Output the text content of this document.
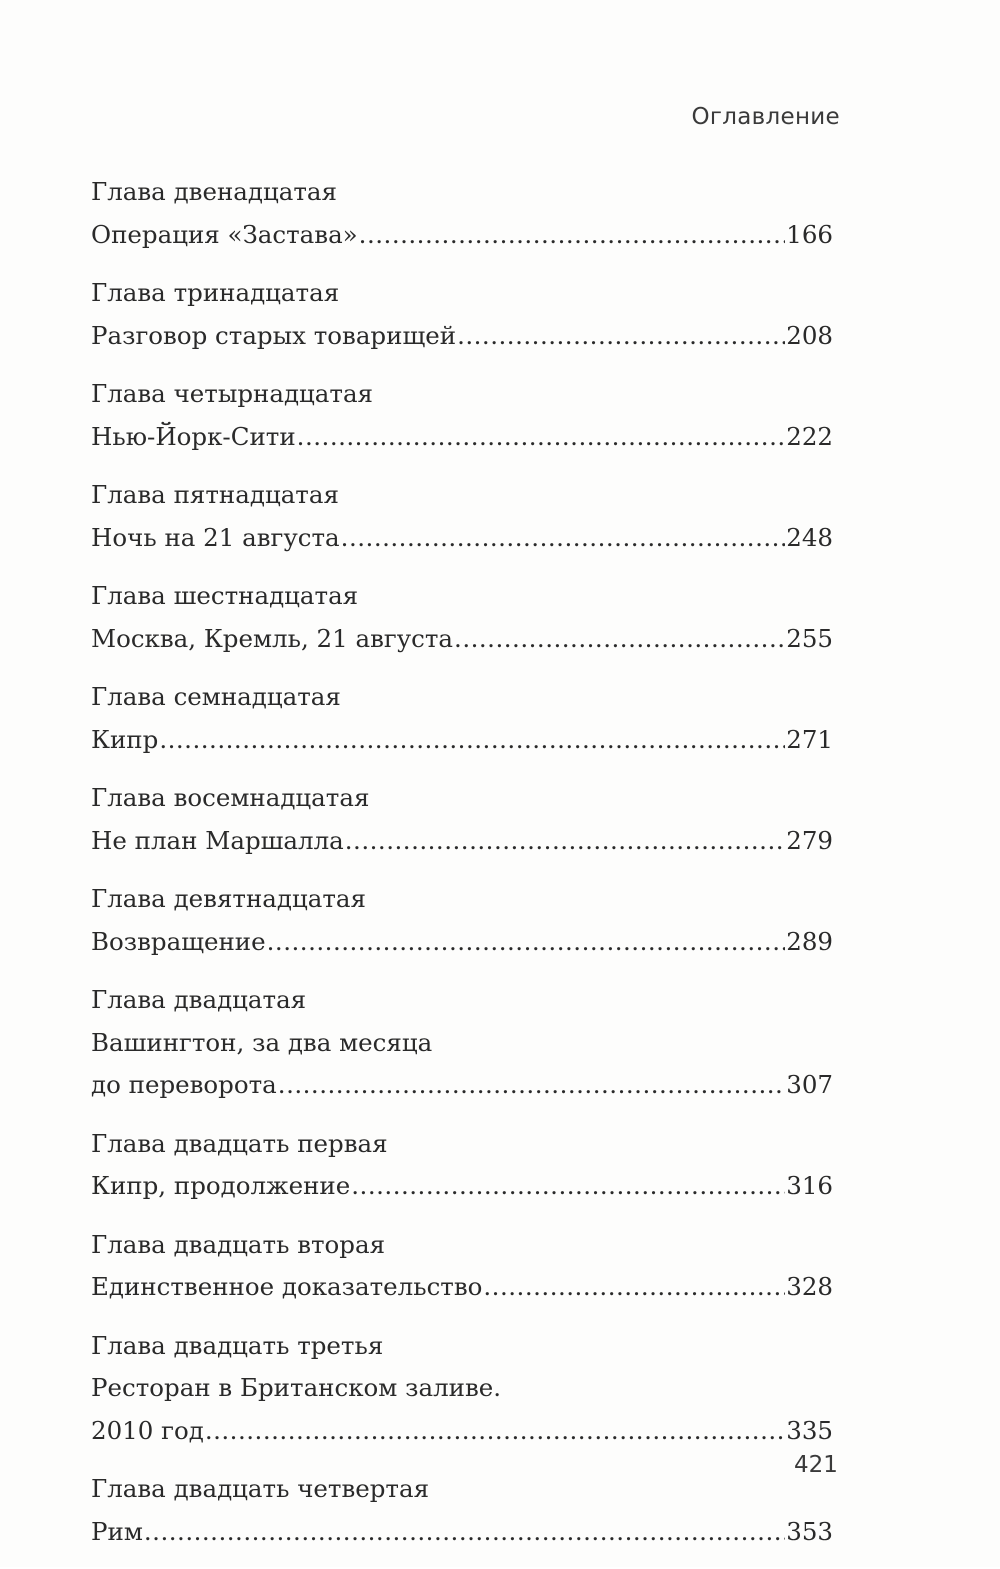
Оглавление
Глава двенадцатая
Операция «Застава» .....	166
Глава тринадцатая
Разговор старых товарищей .....	208
Глава четырнадцатая
Нью-Йорк-Сити .....	222
Глава пятнадцатая
Ночь на 21 августа .....	248
Глава шестнадцатая
Москва, Кремль, 21 августа .....	255
Глава семнадцатая
Кипр .....	271
Глава восемнадцатая
Не план Маршалла .....	279
Глава девятнадцатая
Возвращение .....	289
Глава двадцатая
Вашингтон, за два месяца
до переворота .....	307
Глава двадцать первая
Кипр, продолжение .....	316
Глава двадцать вторая
Единственное доказательство .....	328
Глава двадцать третья
Ресторан в Британском заливе.
2010 год .....	335
Глава двадцать четвертая
Рим .....	353
421
